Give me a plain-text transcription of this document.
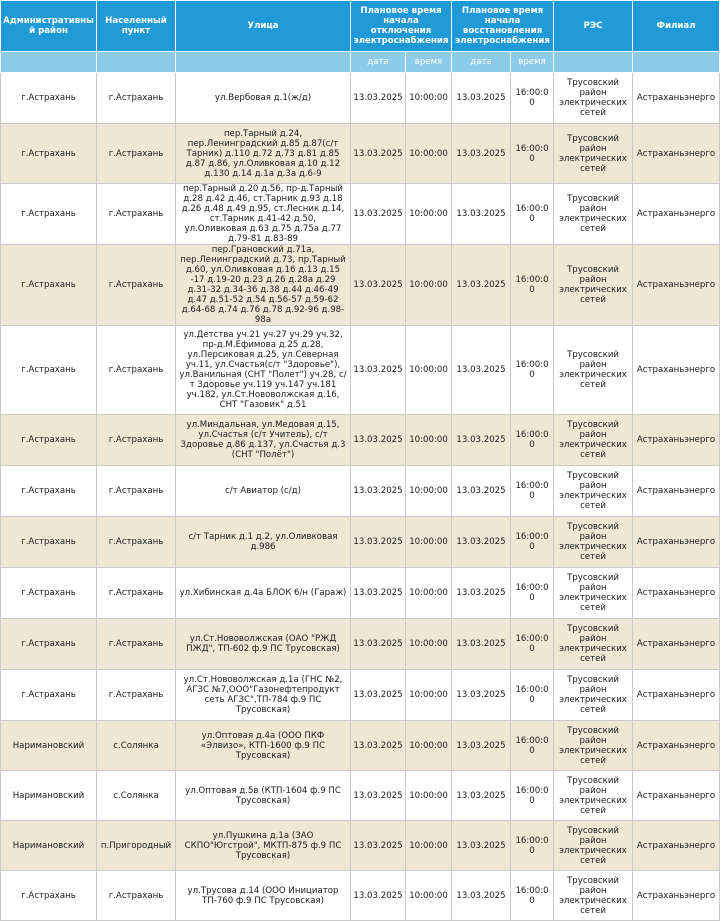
Административный район	Населенный пункт	Улица	Плановое время начала отключения электроснабжения		Плановое время начала восстановления электроснабжения		РЭС	Филиал
			дата	время	дата	время		
г.Астрахань	г.Астрахань	ул.Вербовая д.1(ж/д)	13.03.2025	10:00:00	13.03.2025	16:00:00	Трусовский район электрических сетей	Астраханьэнерго
г.Астрахань	г.Астрахань	пер.Тарный д.24, пер.Ленинградский д.85 д.87(с/т Тарник) д.110 д.72 д.73 д.81 д.85 д.87 д.86, ул.Оливковая д.10 д.12 д.130 д.14 д.1а д.3а д.6-9	13.03.2025	10:00:00	13.03.2025	16:00:00	Трусовский район электрических сетей	Астраханьэнерго
г.Астрахань	г.Астрахань	пер.Тарный д.20 д.56, пр-д.Тарный д.28 д.42 д.46, ст.Тарник д.93 д.18 д.26 д.48 д.49 д.95, ст.Лесник д.14, ст.Тарник д.41-42 д.50, ул.Оливковая д.63 д.75 д.75а д.77 д.79-81 д.83-89	13.03.2025	10:00:00	13.03.2025	16:00:00	Трусовский район электрических сетей	Астраханьэнерго
г.Астрахань	г.Астрахань	пер.Грановский д.71а, пер.Ленинградский д.73, пр.Тарный д.60, ул.Оливковая д.16 д.13 д.15 -17 д.19-20 д.23 д.26 д.28а д.29 д.31-32 д.34-36 д.38 д.44 д.46-49 д.47 д.51-52 д.54 д.56-57 д.59-62 д.64-68 д.74 д.76 д.78 д.92-96 д.98-98а	13.03.2025	10:00:00	13.03.2025	16:00:00	Трусовский район электрических сетей	Астраханьэнерго
г.Астрахань	г.Астрахань	ул.Детства уч.21 уч.27 уч.29 уч.32, пр-д.М.Ефимова д.25 д.28, ул.Персиковая д.25, ул.Северная уч.11, ул.Счастья(с/т "Здоровье"), ул.Ванильная (СНТ "Полет") уч.28, с/т Здоровье уч.119 уч.147 уч.181 уч.182, ул.Ст.Нововолжская д.16, СНТ "Газовик" д.51	13.03.2025	10:00:00	13.03.2025	16:00:00	Трусовский район электрических сетей	Астраханьэнерго
г.Астрахань	г.Астрахань	ул.Миндальная, ул.Медовая д.15, ул.Счастья (с/т Учитель), с/т Здоровье д.86 д.137, ул.Счастья д.3 (СНТ "Полёт")	13.03.2025	10:00:00	13.03.2025	16:00:00	Трусовский район электрических сетей	Астраханьэнерго
г.Астрахань	г.Астрахань	с/т Авиатор (с/д)	13.03.2025	10:00:00	13.03.2025	16:00:00	Трусовский район электрических сетей	Астраханьэнерго
г.Астрахань	г.Астрахань	с/т Тарник д.1 д.2, ул.Оливковая д.986	13.03.2025	10:00:00	13.03.2025	16:00:00	Трусовский район электрических сетей	Астраханьэнерго
г.Астрахань	г.Астрахань	ул.Хибинская д.4а БЛОК 6/н (Гараж)	13.03.2025	10:00:00	13.03.2025	16:00:00	Трусовский район электрических сетей	Астраханьэнерго
г.Астрахань	г.Астрахань	ул.Ст.Нововолжская (ОАО "РЖД ПЖД", ТП-602 ф.9 ПС Трусовская)	13.03.2025	10:00:00	13.03.2025	16:00:00	Трусовский район электрических сетей	Астраханьэнерго
г.Астрахань	г.Астрахань	ул.Ст.Нововолжская д.1а (ГНС №2, АГЗС №7,ООО"Газонефтепродукт сеть АГЗС",ТП-784 ф.9 ПС Трусовская)	13.03.2025	10:00:00	13.03.2025	16:00:00	Трусовский район электрических сетей	Астраханьэнерго
Наримановский	с.Солянка	ул.Оптовая д.4а (ООО ПКФ «Элвизо», КТП-1600 ф.9 ПС Трусовская)	13.03.2025	10:00:00	13.03.2025	16:00:00	Трусовский район электрических сетей	Астраханьэнерго
Наримановский	с.Солянка	ул.Оптовая д.5в (КТП-1604 ф.9 ПС Трусовская)	13.03.2025	10:00:00	13.03.2025	16:00:00	Трусовский район электрических сетей	Астраханьэнерго
Наримановский	п.Пригородный	ул.Пушкина д.1а (ЗАО СКПО"Югстрой", МКТП-875 ф.9 ПС Трусовская)	13.03.2025	10:00:00	13.03.2025	16:00:00	Трусовский район электрических сетей	Астраханьэнерго
г.Астрахань	г.Астрахань	ул.Трусова д.14 (ООО Инициатор ТП-760 ф.9 ПС Трусовская)	13.03.2025	10:00:00	13.03.2025	16:00:00	Трусовский район электрических сетей	Астраханьэнерго
